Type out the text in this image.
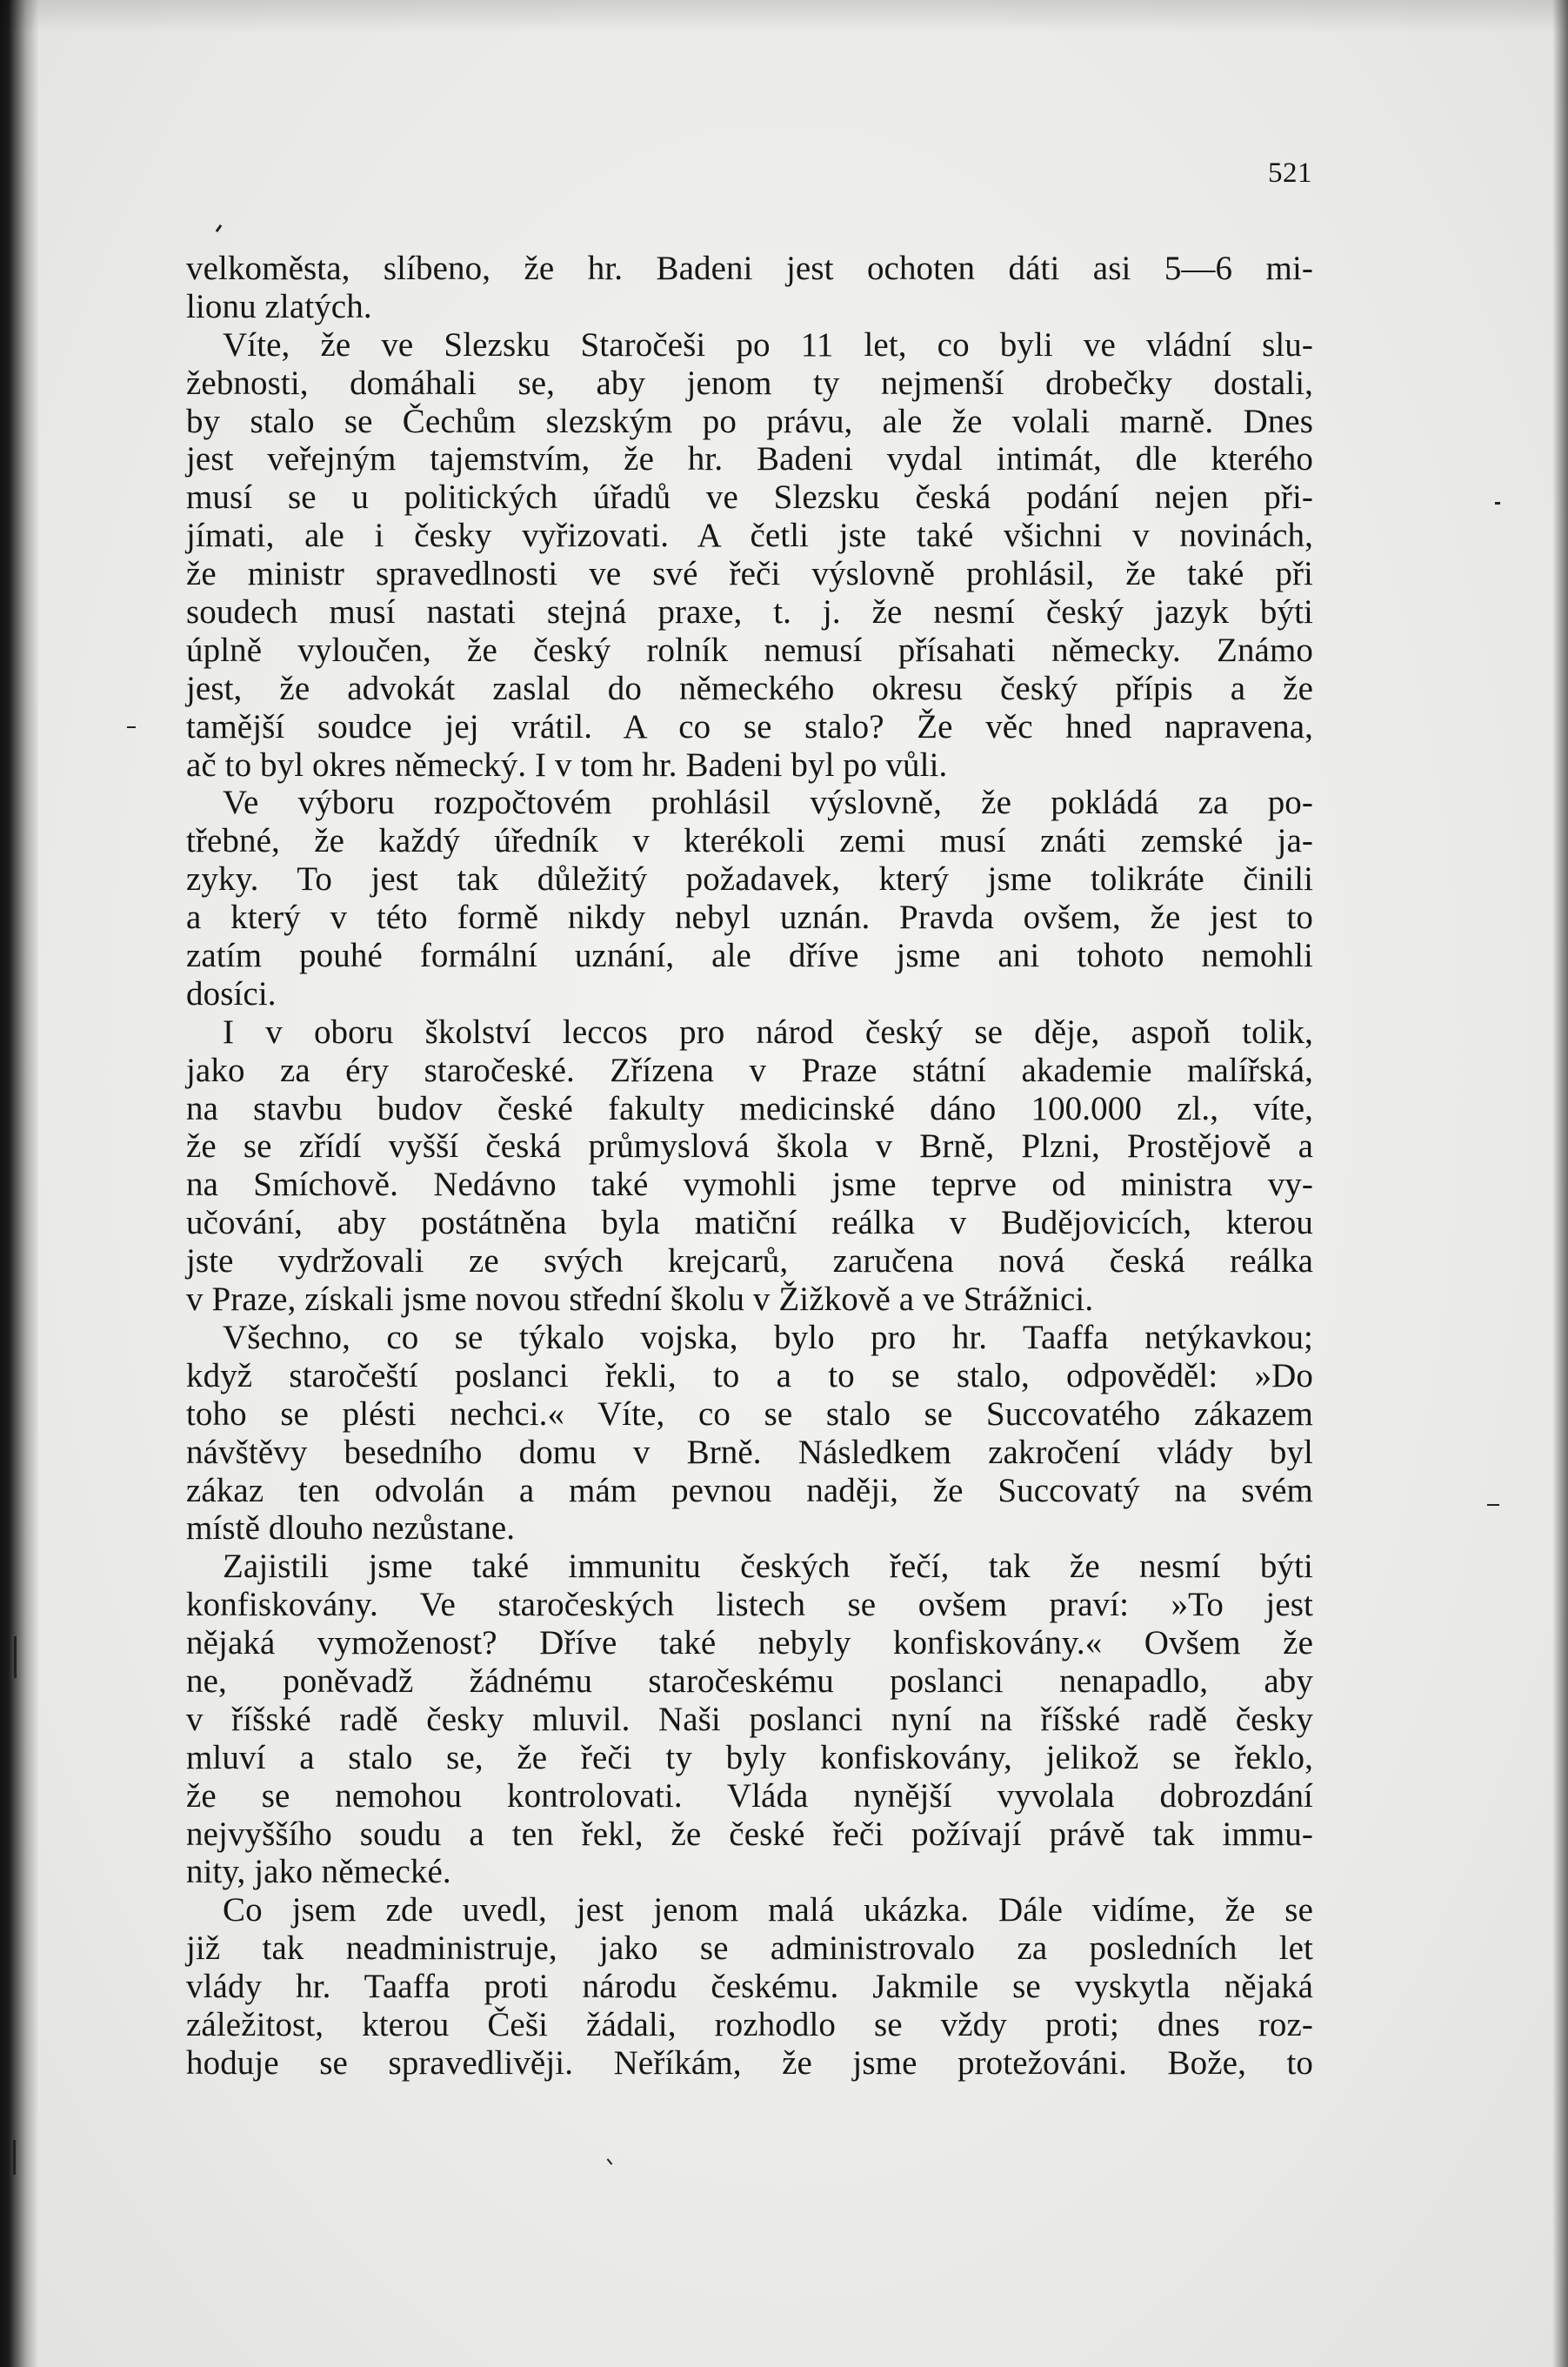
521
velkoměsta, slíbeno, že hr. Badeni jest ochoten dáti asi 5—6 mi-
lionu zlatých.
Víte, že ve Slezsku Staročeši po 11 let, co byli ve vládní slu-
žebnosti, domáhali se, aby jenom ty nejmenší drobečky dostali,
by stalo se Čechům slezským po právu, ale že volali marně. Dnes
jest veřejným tajemstvím, že hr. Badeni vydal intimát, dle kterého
musí se u politických úřadů ve Slezsku česká podání nejen při-
jímati, ale i česky vyřizovati. A četli jste také všichni v novinách,
že ministr spravedlnosti ve své řeči výslovně prohlásil, že také při
soudech musí nastati stejná praxe, t. j. že nesmí český jazyk býti
úplně vyloučen, že český rolník nemusí přísahati německy. Známo
jest, že advokát zaslal do německého okresu český přípis a že
tamější soudce jej vrátil. A co se stalo? Že věc hned napravena,
ač to byl okres německý. I v tom hr. Badeni byl po vůli.
Ve výboru rozpočtovém prohlásil výslovně, že pokládá za po-
třebné, že každý úředník v kterékoli zemi musí znáti zemské ja-
zyky. To jest tak důležitý požadavek, který jsme tolikráte činili
a který v této formě nikdy nebyl uznán. Pravda ovšem, že jest to
zatím pouhé formální uznání, ale dříve jsme ani tohoto nemohli
dosíci.
I v oboru školství leccos pro národ český se děje, aspoň tolik,
jako za éry staročeské. Zřízena v Praze státní akademie malířská,
na stavbu budov české fakulty medicinské dáno 100.000 zl., víte,
že se zřídí vyšší česká průmyslová škola v Brně, Plzni, Prostějově a
na Smíchově. Nedávno také vymohli jsme teprve od ministra vy-
učování, aby postátněna byla matiční reálka v Budějovicích, kterou
jste vydržovali ze svých krejcarů, zaručena nová česká reálka
v Praze, získali jsme novou střední školu v Žižkově a ve Strážnici.
Všechno, co se týkalo vojska, bylo pro hr. Taaffa netýkavkou;
když staročeští poslanci řekli, to a to se stalo, odpověděl: »Do
toho se plésti nechci.« Víte, co se stalo se Succovatého zákazem
návštěvy besedního domu v Brně. Následkem zakročení vlády byl
zákaz ten odvolán a mám pevnou naději, že Succovatý na svém
místě dlouho nezůstane.
Zajistili jsme také immunitu českých řečí, tak že nesmí býti
konfiskovány. Ve staročeských listech se ovšem praví: »To jest
nějaká vymoženost? Dříve také nebyly konfiskovány.« Ovšem že
ne, poněvadž žádnému staročeskému poslanci nenapadlo, aby
v říšské radě česky mluvil. Naši poslanci nyní na říšské radě česky
mluví a stalo se, že řeči ty byly konfiskovány, jelikož se řeklo,
že se nemohou kontrolovati. Vláda nynější vyvolala dobrozdání
nejvyššího soudu a ten řekl, že české řeči požívají právě tak immu-
nity, jako německé.
Co jsem zde uvedl, jest jenom malá ukázka. Dále vidíme, že se
již tak neadministruje, jako se administrovalo za posledních let
vlády hr. Taaffa proti národu českému. Jakmile se vyskytla nějaká
záležitost, kterou Češi žádali, rozhodlo se vždy proti; dnes roz-
hoduje se spravedlivěji. Neříkám, že jsme protežováni. Bože, to
